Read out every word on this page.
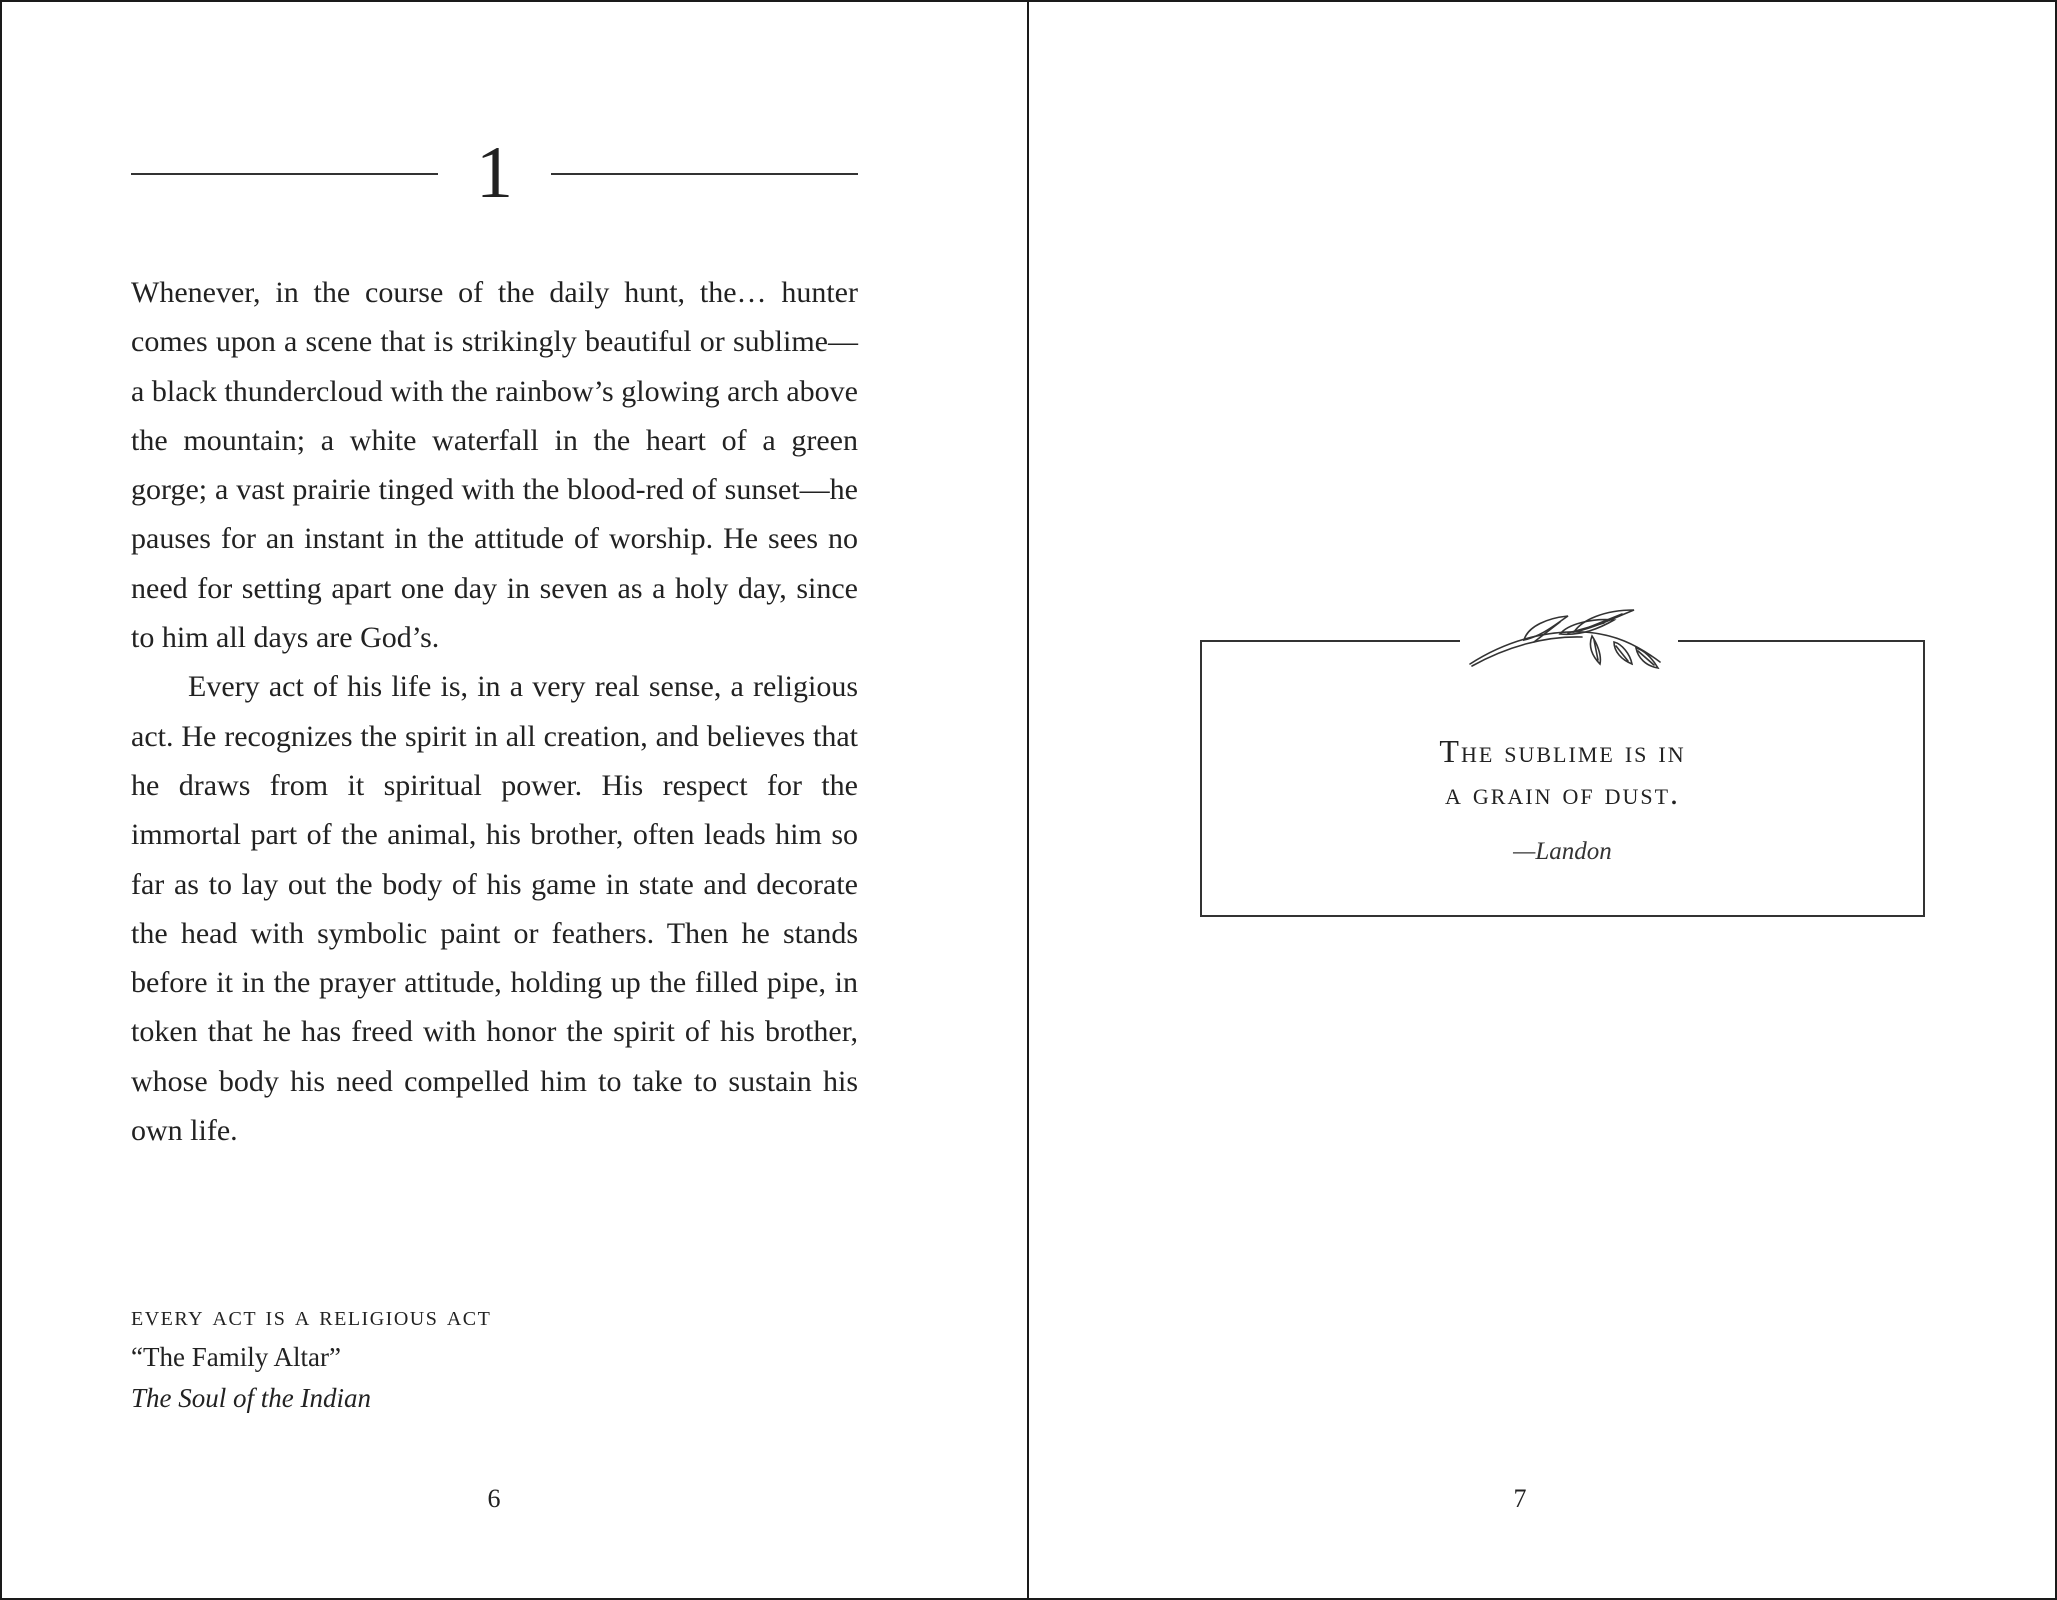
1

Whenever, in the course of the daily hunt, the… hunter comes upon a scene that is strikingly beautiful or sublime—a black thundercloud with the rainbow’s glowing arch above the mountain; a white waterfall in the heart of a green gorge; a vast prairie tinged with the blood-red of sunset—he pauses for an instant in the attitude of worship. He sees no need for setting apart one day in seven as a holy day, since to him all days are God’s.

Every act of his life is, in a very real sense, a religious act. He recognizes the spirit in all creation, and believes that he draws from it spiritual power. His respect for the immortal part of the animal, his brother, often leads him so far as to lay out the body of his game in state and decorate the head with symbolic paint or feathers. Then he stands before it in the prayer attitude, holding up the filled pipe, in token that he has freed with honor the spirit of his brother, whose body his need compelled him to take to sustain his own life.

every act is a religious act
“The Family Altar”
The Soul of the Indian
6
The sublime is in
a grain of dust.
—Landon
7
